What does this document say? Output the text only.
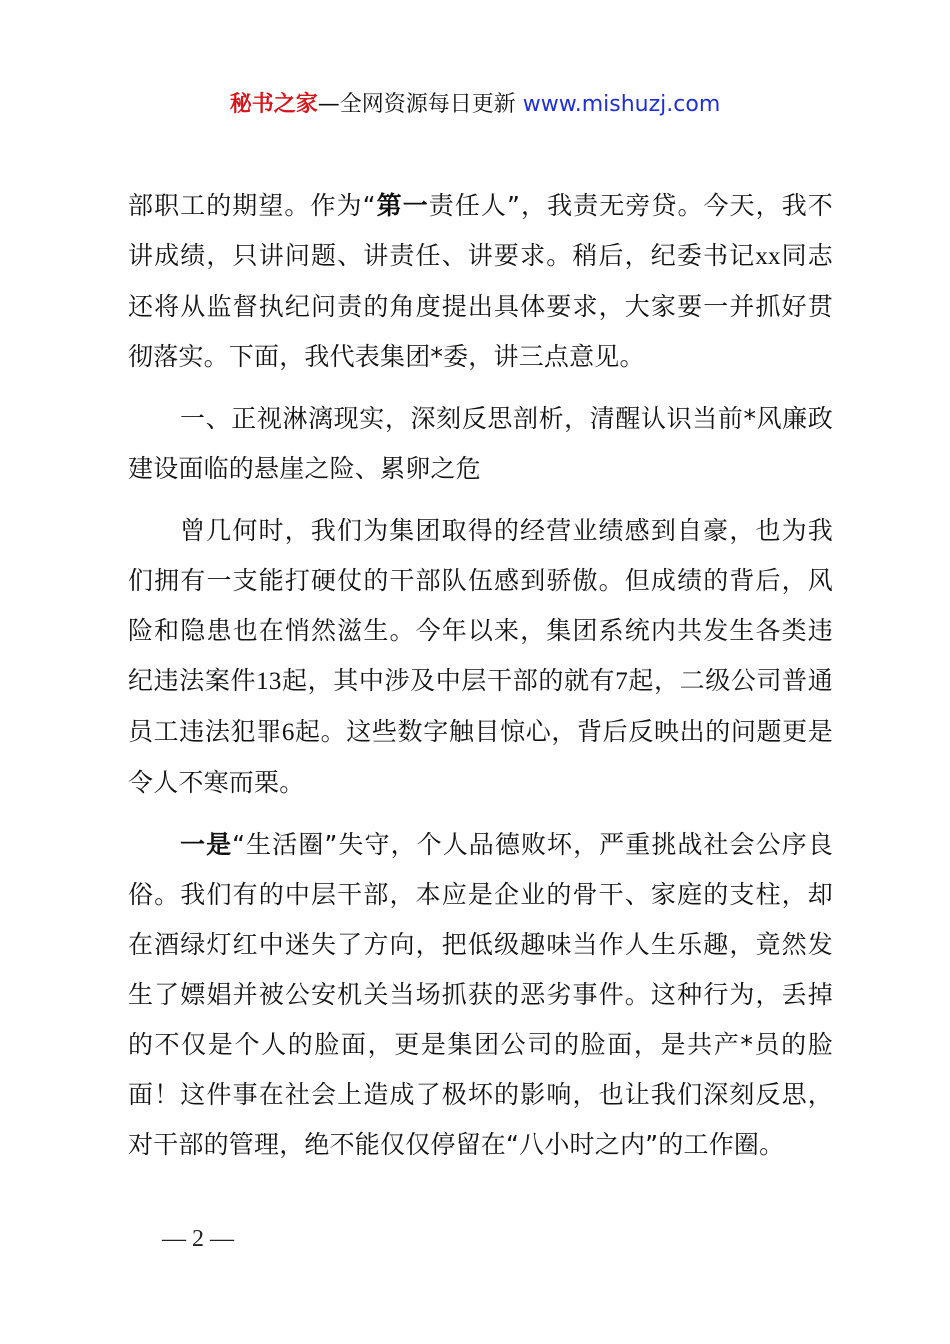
秘书之家—全网资源每日更新 www.mishuzj.com

部职工的期望。作为“第一责任人”，我责无旁贷。今天，我不讲成绩，只讲问题、讲责任、讲要求。稍后，纪委书记xx同志还将从监督执纪问责的角度提出具体要求，大家要一并抓好贯彻落实。下面，我代表集团*委，讲三点意见。

一、正视淋漓现实，深刻反思剖析，清醒认识当前*风廉政建设面临的悬崖之险、累卵之危

曾几何时，我们为集团取得的经营业绩感到自豪，也为我们拥有一支能打硬仗的干部队伍感到骄傲。但成绩的背后，风险和隐患也在悄然滋生。今年以来，集团系统内共发生各类违纪违法案件13起，其中涉及中层干部的就有7起，二级公司普通员工违法犯罪6起。这些数字触目惊心，背后反映出的问题更是令人不寒而栗。

一是“生活圈”失守，个人品德败坏，严重挑战社会公序良俗。我们有的中层干部，本应是企业的骨干、家庭的支柱，却在酒绿灯红中迷失了方向，把低级趣味当作人生乐趣，竟然发生了嫖娼并被公安机关当场抓获的恶劣事件。这种行为，丢掉的不仅是个人的脸面，更是集团公司的脸面，是共产*员的脸面！这件事在社会上造成了极坏的影响，也让我们深刻反思，对干部的管理，绝不能仅仅停留在“八小时之内”的工作圈。

— 2 —
